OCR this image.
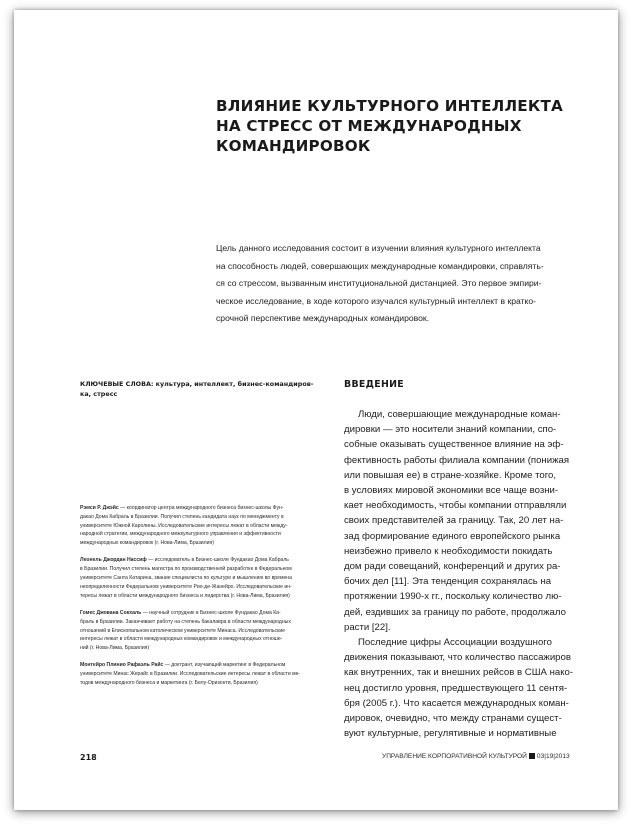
ВЛИЯНИЕ КУЛЬТУРНОГО ИНТЕЛЛЕКТА
НА СТРЕСС ОТ МЕЖДУНАРОДНЫХ
КОМАНДИРОВОК

Цель данного исследования состоит в изучении влияния культурного интеллекта
на способность людей, совершающих международные командировки, справлять-
ся со стрессом, вызванным институциональной дистанцией. Это первое эмпири-
ческое исследование, в ходе которого изучался культурный интеллект в кратко-
срочной перспективе международных командировок.

КЛЮЧЕВЫЕ СЛОВА: культура, интеллект, бизнес-командиров-
ка, стресс
Рэмси Р. Джэйс — координатор центра международного бизнеса бизнес-школы Фун-
дакао Дома Кабраль в Бразилии. Получил степень кандидата наук по менеджменту в
университете Южной Каролины. Исследовательские интересы лежат в области между-
народной стратегии, международного межкультурного управления и эффективности
международных командировок (г. Нова-Лима, Бразилия)
Леонель Джордан Нассиф — исследователь в Бизнес-школе Фундакао Дома Кабраль
в Бразилии. Получил степень магистра по производственной разработке в Федеральном
университете Санта Катарина, звание специалиста по культуре и мышлению во времена
неопределенности Федеральном университете Рио-де-Жанейро. Исследовательские ин-
тересы лежат в области международного бизнеса и лидерства (г. Нова-Лима, Бразилия)
Гомес Джована Сокхаль — научный сотрудник в Бизнес-школе Фундакао Дома Ка-
браль в Бразилии. Заканчивает работу на степень бакалавра в области международных
отношений в Епископальном католическом университете Минаса. Исследовательские
интересы лежат в области международных командировок и международных отноше-
ний (г. Нова-Лима, Бразилия)
Монтейро Плинио Рафаэль Райс — доктрант, изучающий маркетинг в Федеральном
университете Минас Жерайс в Бразилии. Исследовательские интересы лежат в области ме-
тодов международного бизнеса и маркетинга (г. Белу-Оризонти, Бразилия)
ВВЕДЕНИЕ
Люди, совершающие международные коман-
дировки — это носители знаний компании, спо-
собные оказывать существенное влияние на эф-
фективность работы филиала компании (понижая
или повышая ее) в стране-хозяйке. Кроме того,
в условиях мировой экономики все чаще возни-
кает необходимость, чтобы компании отправляли
своих представителей за границу. Так, 20 лет на-
зад формирование единого европейского рынка
неизбежно привело к необходимости покидать
дом ради совещаний, конференций и других ра-
бочих дел [11]. Эта тенденция сохранялась на
протяжении 1990-х гг., поскольку количество лю-
дей, ездивших за границу по работе, продолжало
расти [22].
Последние цифры Ассоциации воздушного
движения показывают, что количество пассажиров
как внутренних, так и внешних рейсов в США нако-
нец достигло уровня, предшествующего 11 сентя-
бря (2005 г.). Что касается международных коман-
дировок, очевидно, что между странами сущест-
вуют культурные, регулятивные и нормативные
218	УПРАВЛЕНИЕ КОРПОРАТИВНОЙ КУЛЬТУРОЙ 03|19|2013
